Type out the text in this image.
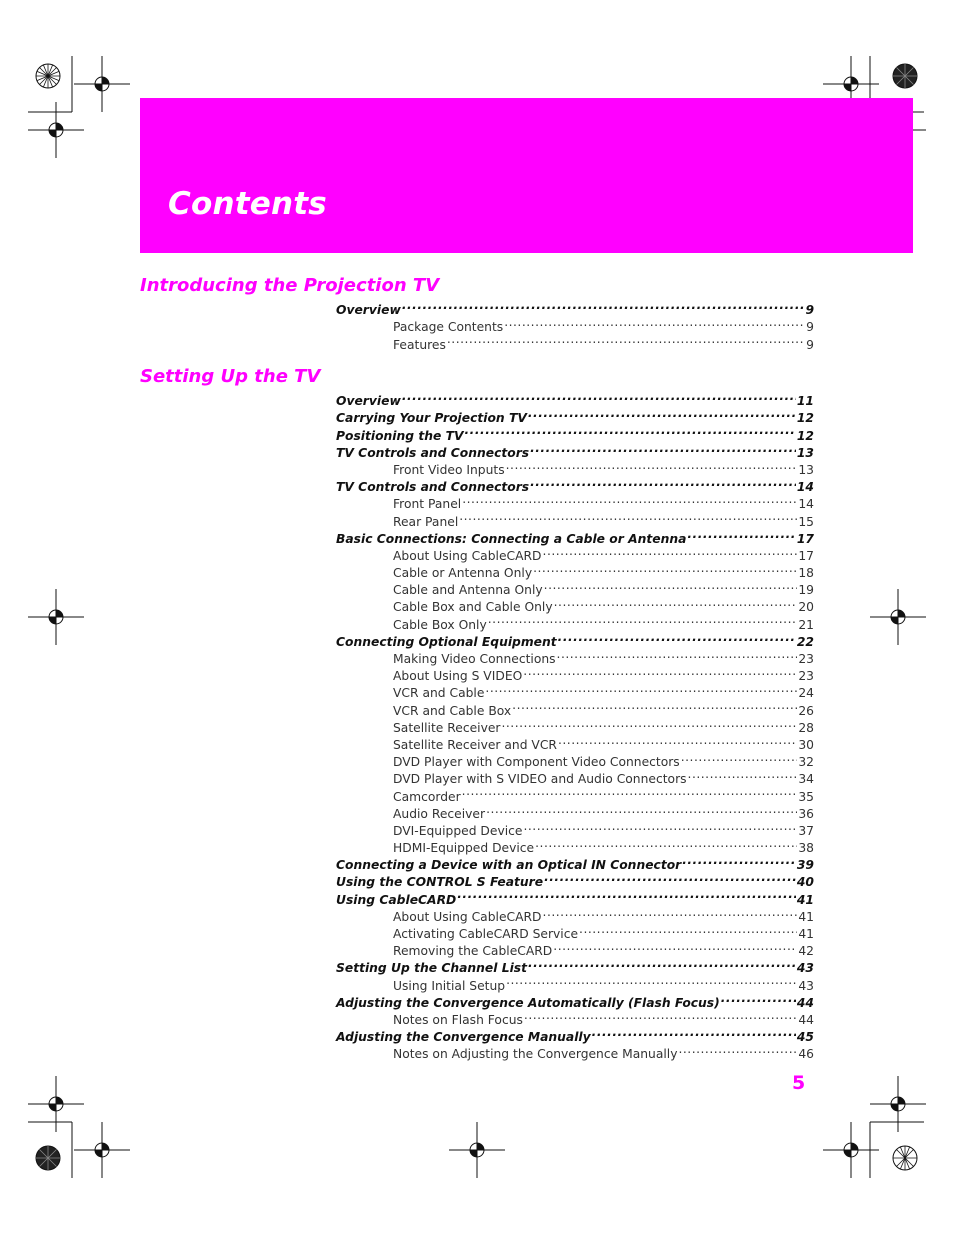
Contents
Introducing the Projection TV
Overview .....	9
Package Contents .....	9
Features .....	9
Setting Up the TV
Overview .....	11
Carrying Your Projection TV .....	12
Positioning the TV .....	12
TV Controls and Connectors .....	13
Front Video Inputs .....	13
TV Controls and Connectors .....	14
Front Panel .....	14
Rear Panel .....	15
Basic Connections: Connecting a Cable or Antenna .....	17
About Using CableCARD .....	17
Cable or Antenna Only .....	18
Cable and Antenna Only .....	19
Cable Box and Cable Only .....	20
Cable Box Only .....	21
Connecting Optional Equipment .....	22
Making Video Connections .....	23
About Using S VIDEO .....	23
VCR and Cable .....	24
VCR and Cable Box .....	26
Satellite Receiver .....	28
Satellite Receiver and VCR .....	30
DVD Player with Component Video Connectors .....	32
DVD Player with S VIDEO and Audio Connectors .....	34
Camcorder .....	35
Audio Receiver .....	36
DVI-Equipped Device .....	37
HDMI-Equipped Device .....	38
Connecting a Device with an Optical IN Connector .....	39
Using the CONTROL S Feature .....	40
Using CableCARD .....	41
About Using CableCARD .....	41
Activating CableCARD Service .....	41
Removing the CableCARD .....	42
Setting Up the Channel List .....	43
Using Initial Setup .....	43
Adjusting the Convergence Automatically (Flash Focus) .....	44
Notes on Flash Focus .....	44
Adjusting the Convergence Manually .....	45
Notes on Adjusting the Convergence Manually .....	46
5
